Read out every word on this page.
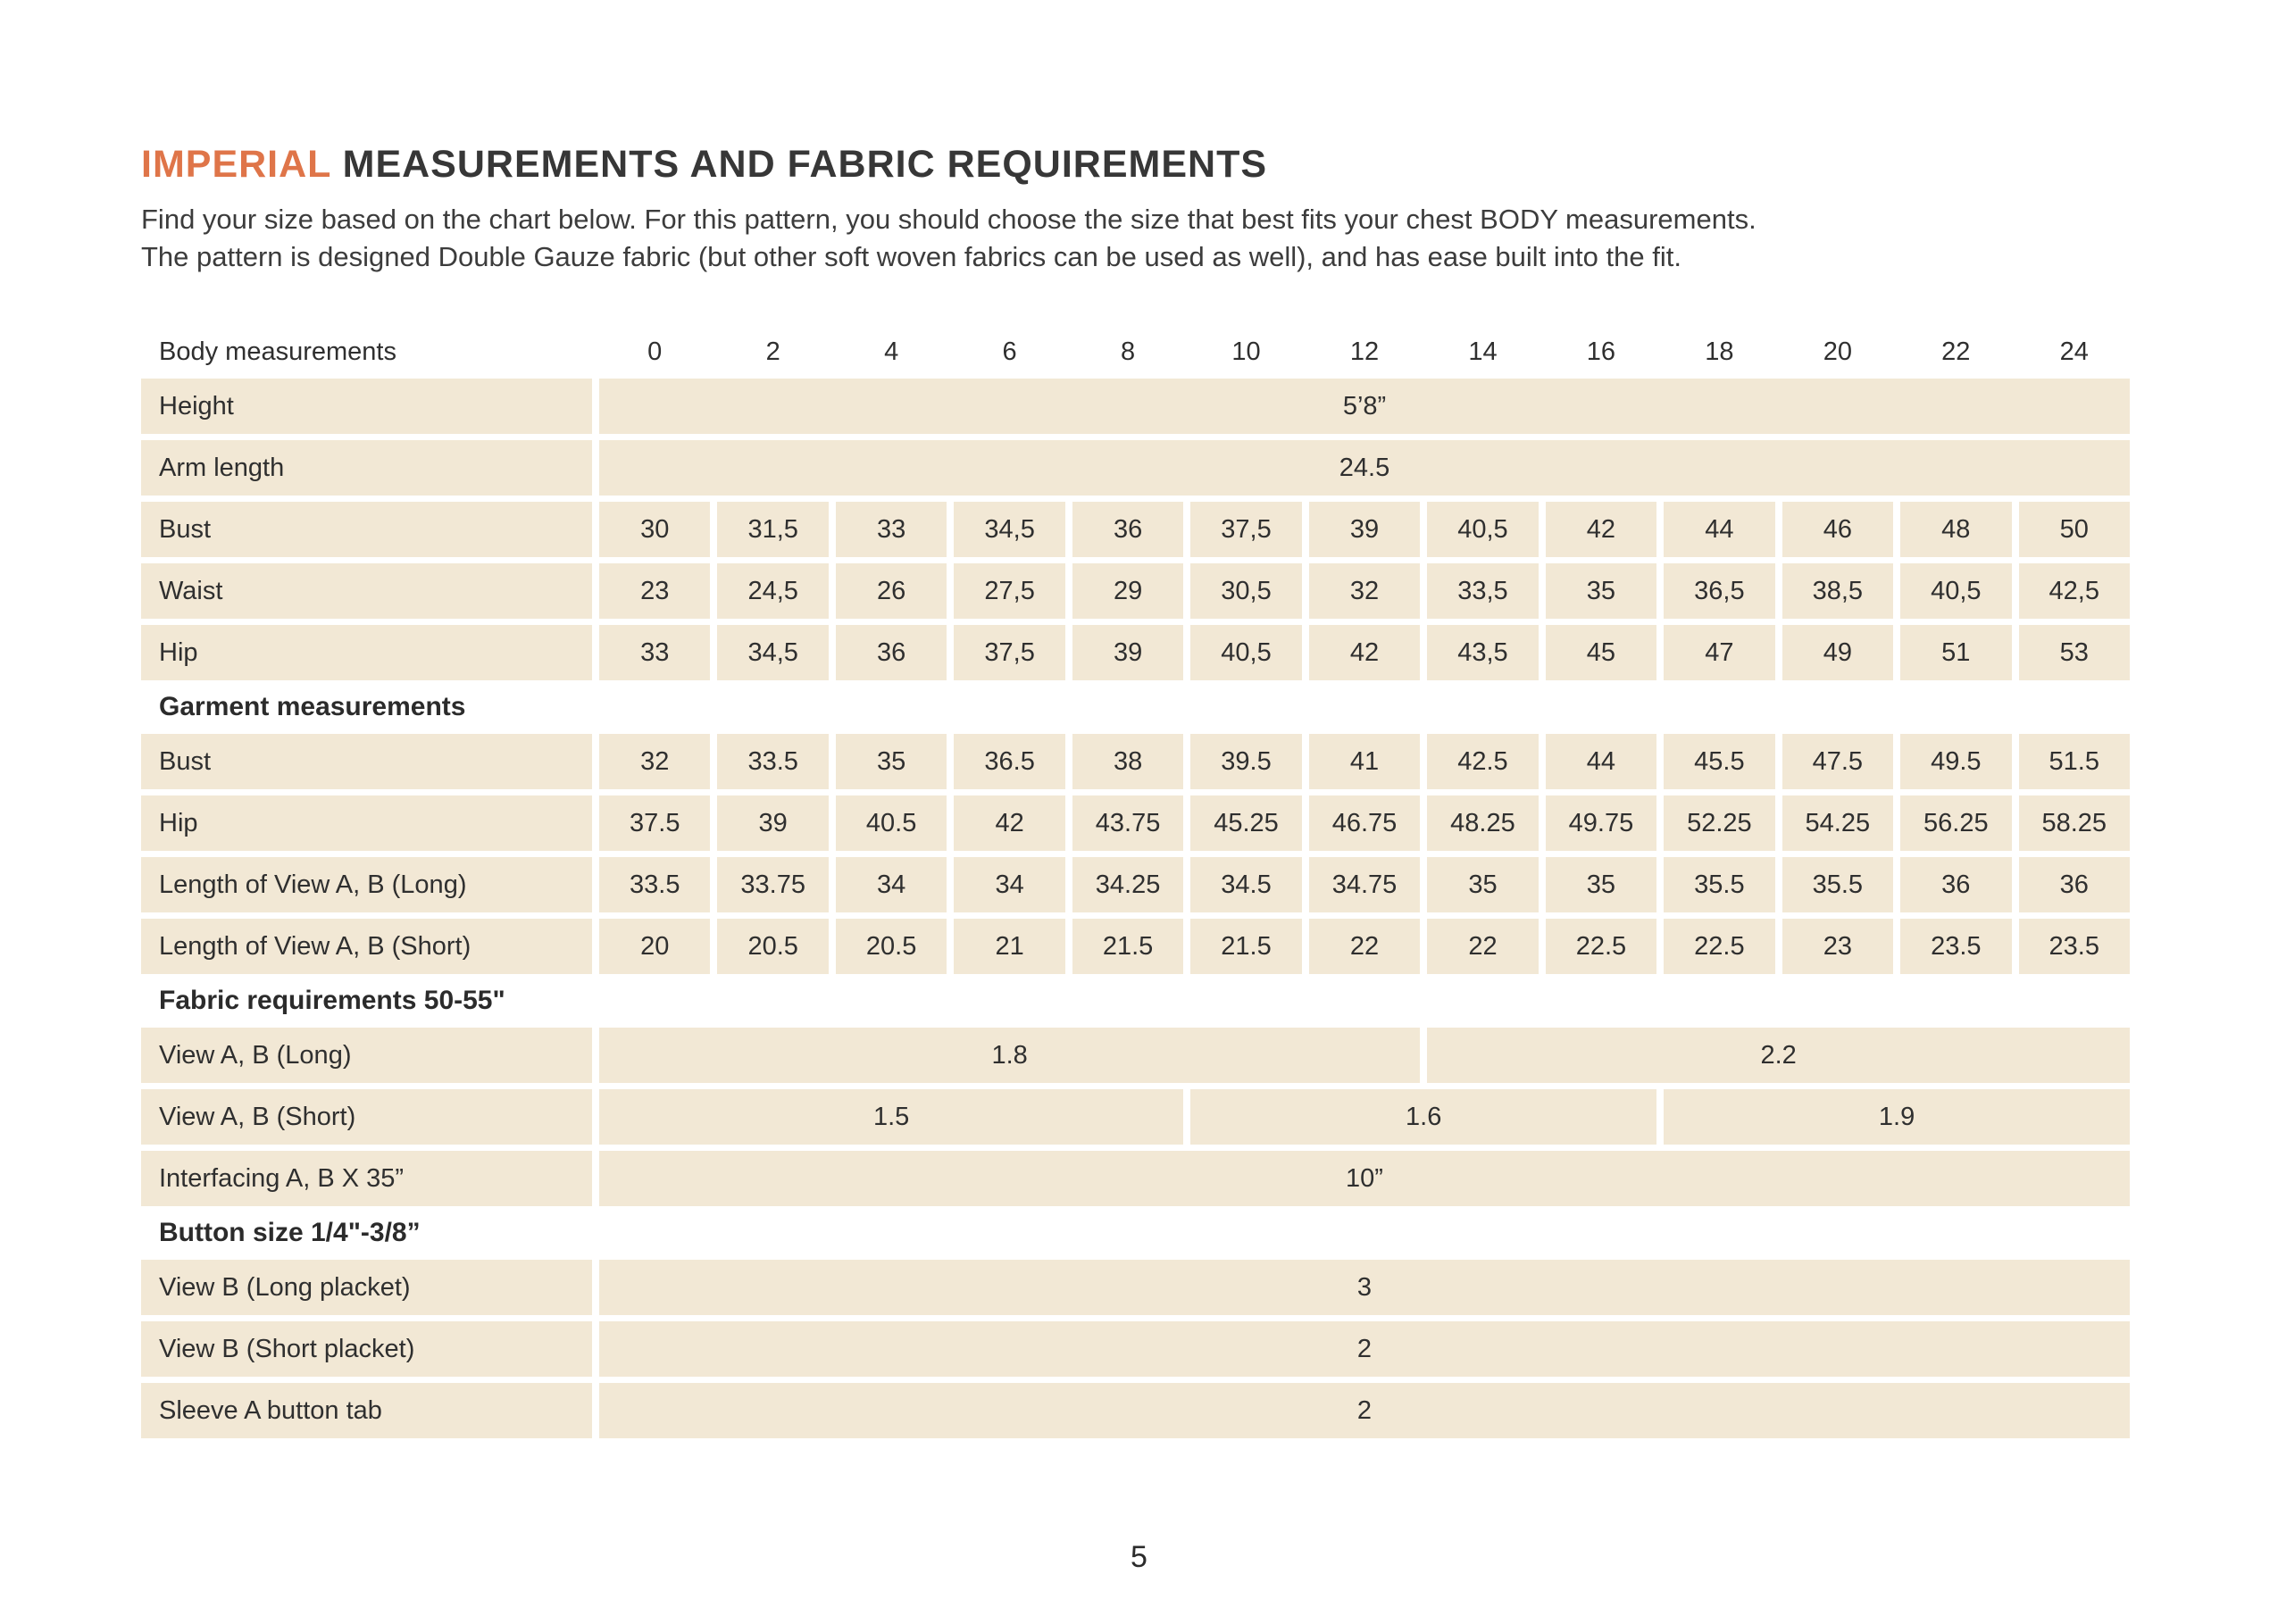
IMPERIAL MEASUREMENTS AND FABRIC REQUIREMENTS
Find your size based on the chart below. For this pattern, you should choose the size that best fits your chest BODY measurements.
The pattern is designed Double Gauze fabric (but other soft woven fabrics can be used as well), and has ease built into the fit.
Body measurements	0	2	4	6	8	10	12	14	16	18	20	22	24
Height	5’8”
Arm length	24.5
Bust	30	31,5	33	34,5	36	37,5	39	40,5	42	44	46	48	50
Waist	23	24,5	26	27,5	29	30,5	32	33,5	35	36,5	38,5	40,5	42,5
Hip	33	34,5	36	37,5	39	40,5	42	43,5	45	47	49	51	53
Garment measurements
Bust	32	33.5	35	36.5	38	39.5	41	42.5	44	45.5	47.5	49.5	51.5
Hip	37.5	39	40.5	42	43.75	45.25	46.75	48.25	49.75	52.25	54.25	56.25	58.25
Length of View A, B (Long)	33.5	33.75	34	34	34.25	34.5	34.75	35	35	35.5	35.5	36	36
Length of View A, B (Short)	20	20.5	20.5	21	21.5	21.5	22	22	22.5	22.5	23	23.5	23.5
Fabric requirements 50-55"
View A, B (Long)	1.8	2.2
View A, B (Short)	1.5	1.6	1.9
Interfacing A, B X 35”	10”
Button size 1/4"-3/8”
View B (Long placket)	3
View B (Short placket)	2
Sleeve A button tab	2
5
